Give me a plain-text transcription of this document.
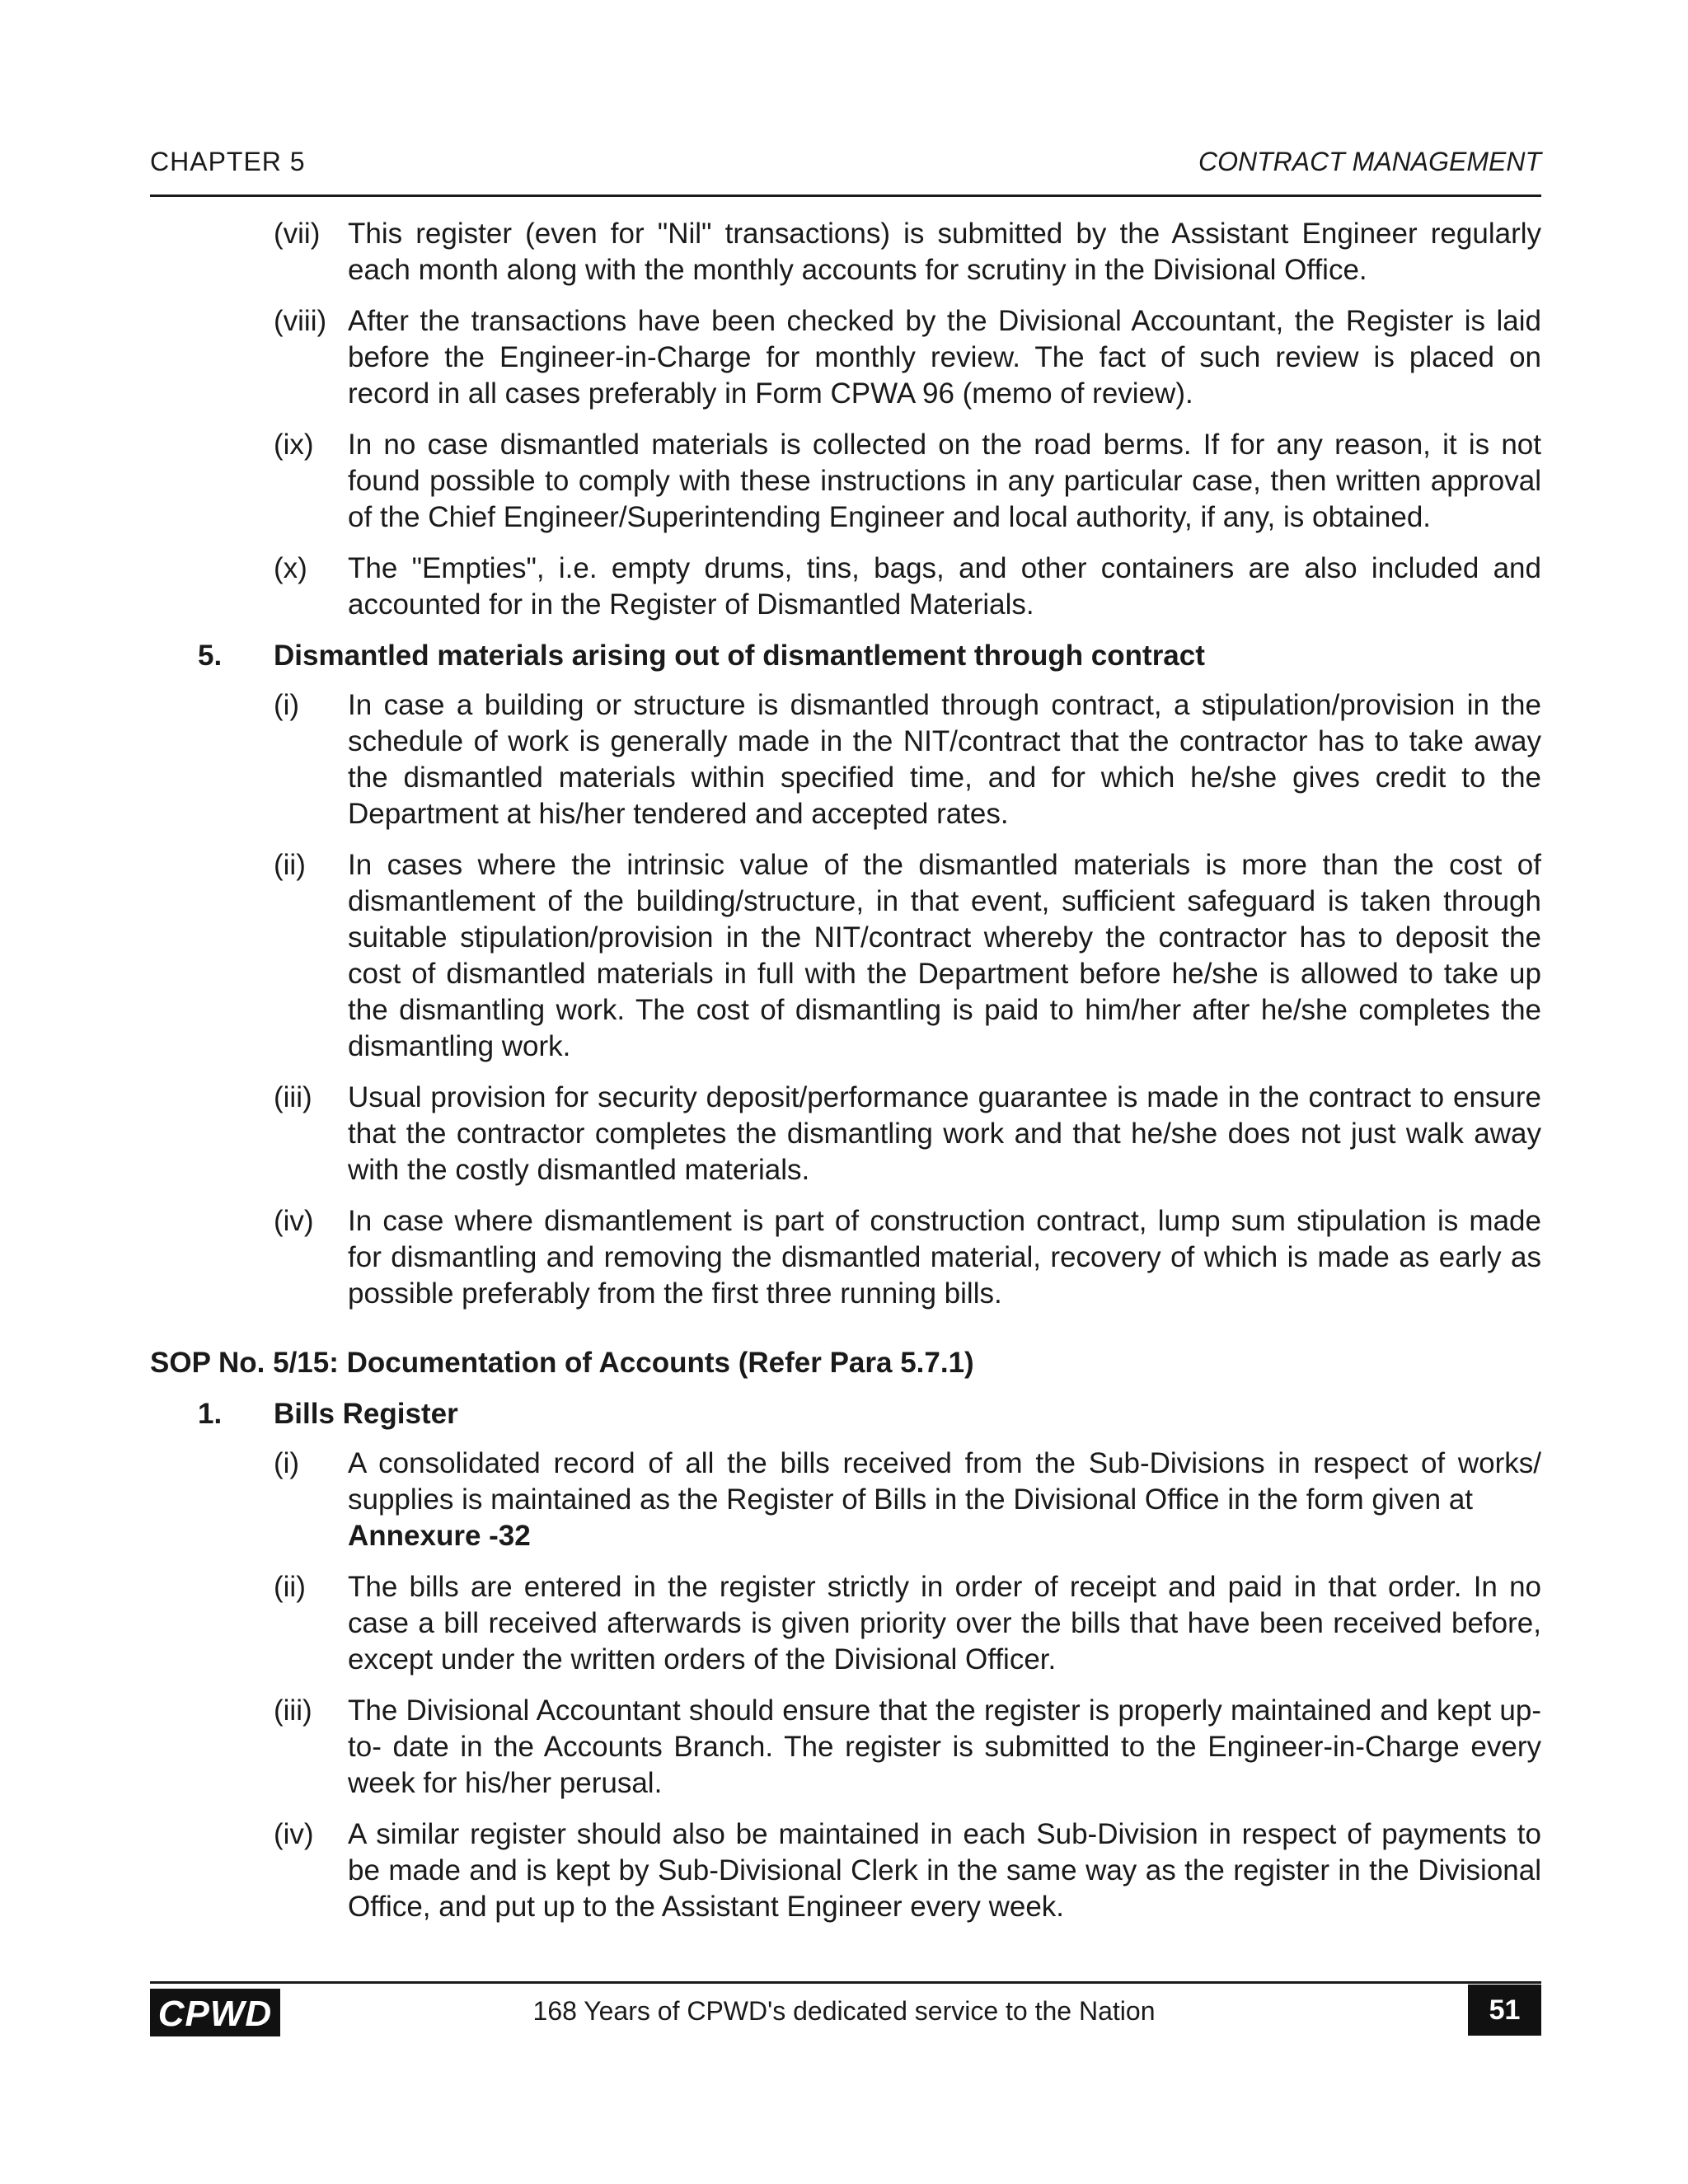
CHAPTER 5	CONTRACT MANAGEMENT
(vii) This register (even for "Nil" transactions) is submitted by the Assistant Engineer regularly each month along with the monthly accounts for scrutiny in the Divisional Office.
(viii) After the transactions have been checked by the Divisional Accountant, the Register is laid before the Engineer-in-Charge for monthly review. The fact of such review is placed on record in all cases preferably in Form CPWA 96 (memo of review).
(ix) In no case dismantled materials is collected on the road berms. If for any reason, it is not found possible to comply with these instructions in any particular case, then written approval of the Chief Engineer/Superintending Engineer and local authority, if any, is obtained.
(x) The "Empties", i.e. empty drums, tins, bags, and other containers are also included and accounted for in the Register of Dismantled Materials.
5. Dismantled materials arising out of dismantlement through contract
(i) In case a building or structure is dismantled through contract, a stipulation/provision in the schedule of work is generally made in the NIT/contract that the contractor has to take away the dismantled materials within specified time, and for which he/she gives credit to the Department at his/her tendered and accepted rates.
(ii) In cases where the intrinsic value of the dismantled materials is more than the cost of dismantlement of the building/structure, in that event, sufficient safeguard is taken through suitable stipulation/provision in the NIT/contract whereby the contractor has to deposit the cost of dismantled materials in full with the Department before he/she is allowed to take up the dismantling work. The cost of dismantling is paid to him/her after he/she completes the dismantling work.
(iii) Usual provision for security deposit/performance guarantee is made in the contract to ensure that the contractor completes the dismantling work and that he/she does not just walk away with the costly dismantled materials.
(iv) In case where dismantlement is part of construction contract, lump sum stipulation is made for dismantling and removing the dismantled material, recovery of which is made as early as possible preferably from the first three running bills.
SOP No. 5/15: Documentation of Accounts (Refer Para 5.7.1)
1. Bills Register
(i) A consolidated record of all the bills received from the Sub-Divisions in respect of works/ supplies is maintained as the Register of Bills in the Divisional Office in the form given at
Annexure -32
(ii) The bills are entered in the register strictly in order of receipt and paid in that order. In no case a bill received afterwards is given priority over the bills that have been received before, except under the written orders of the Divisional Officer.
(iii) The Divisional Accountant should ensure that the register is properly maintained and kept up-to- date in the Accounts Branch. The register is submitted to the Engineer-in-Charge every week for his/her perusal.
(iv) A similar register should also be maintained in each Sub-Division in respect of payments to be made and is kept by Sub-Divisional Clerk in the same way as the register in the Divisional Office, and put up to the Assistant Engineer every week.
CPWD	168 Years of CPWD's dedicated service to the Nation	51
